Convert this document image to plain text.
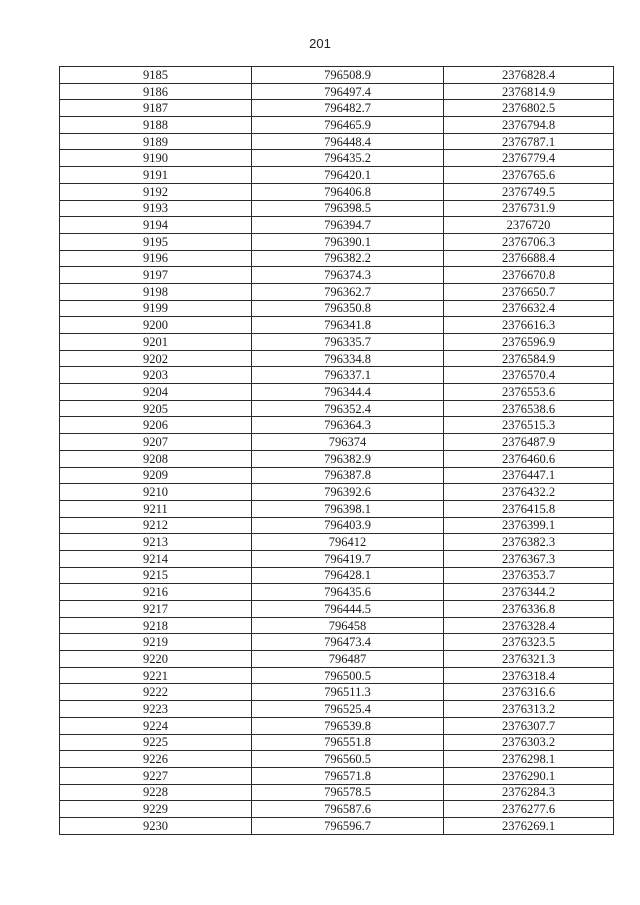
201
9185	796508.9	2376828.4
9186	796497.4	2376814.9
9187	796482.7	2376802.5
9188	796465.9	2376794.8
9189	796448.4	2376787.1
9190	796435.2	2376779.4
9191	796420.1	2376765.6
9192	796406.8	2376749.5
9193	796398.5	2376731.9
9194	796394.7	2376720
9195	796390.1	2376706.3
9196	796382.2	2376688.4
9197	796374.3	2376670.8
9198	796362.7	2376650.7
9199	796350.8	2376632.4
9200	796341.8	2376616.3
9201	796335.7	2376596.9
9202	796334.8	2376584.9
9203	796337.1	2376570.4
9204	796344.4	2376553.6
9205	796352.4	2376538.6
9206	796364.3	2376515.3
9207	796374	2376487.9
9208	796382.9	2376460.6
9209	796387.8	2376447.1
9210	796392.6	2376432.2
9211	796398.1	2376415.8
9212	796403.9	2376399.1
9213	796412	2376382.3
9214	796419.7	2376367.3
9215	796428.1	2376353.7
9216	796435.6	2376344.2
9217	796444.5	2376336.8
9218	796458	2376328.4
9219	796473.4	2376323.5
9220	796487	2376321.3
9221	796500.5	2376318.4
9222	796511.3	2376316.6
9223	796525.4	2376313.2
9224	796539.8	2376307.7
9225	796551.8	2376303.2
9226	796560.5	2376298.1
9227	796571.8	2376290.1
9228	796578.5	2376284.3
9229	796587.6	2376277.6
9230	796596.7	2376269.1
